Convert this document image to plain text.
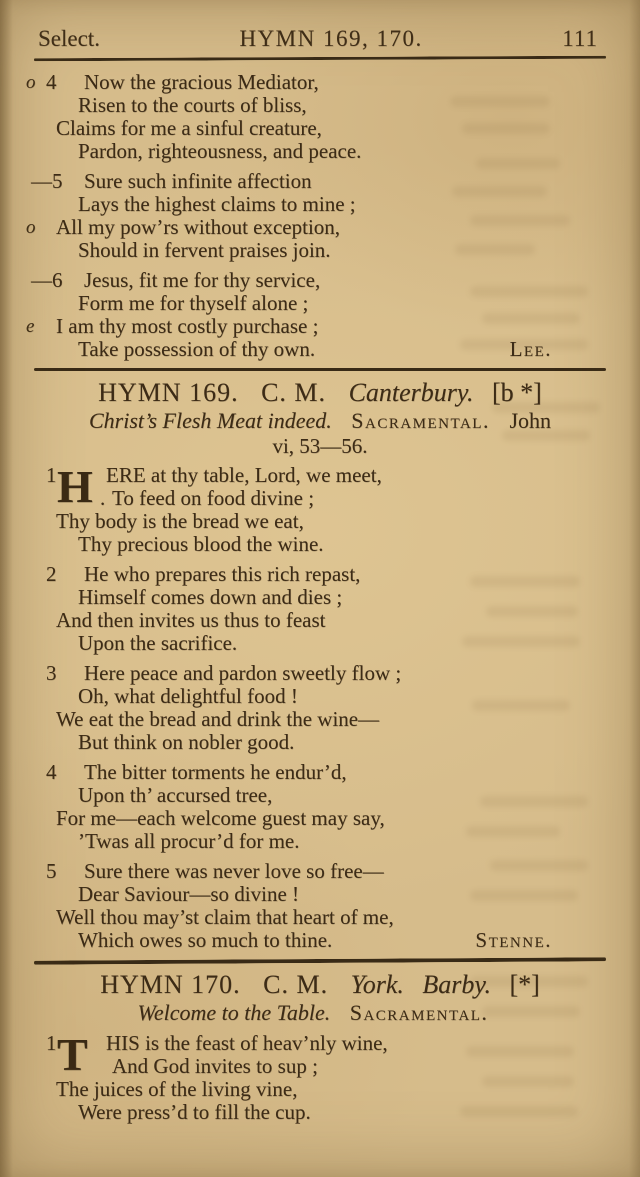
Select.	HYMN 169, 170.	111
o 4 Now the gracious Mediator,
Risen to the courts of bliss,
Claims for me a sinful creature,
Pardon, righteousness, and peace.
—5 Sure such infinite affection
Lays the highest claims to mine ;
o All my pow’rs without exception,
Should in fervent praises join.
—6 Jesus, fit me for thy service,
Form me for thyself alone ;
e I am thy most costly purchase ;
Take possession of thy own.	Lee.
HYMN 169. C. M. Canterbury. [b *]
Christ’s Flesh Meat indeed. Sacramental. John
vi, 53—56.
1 H .
ERE at thy table, Lord, we meet,
To feed on food divine ;
Thy body is the bread we eat,
Thy precious blood the wine.
2 He who prepares this rich repast,
Himself comes down and dies ;
And then invites us thus to feast
Upon the sacrifice.
3 Here peace and pardon sweetly flow ;
Oh, what delightful food !
We eat the bread and drink the wine—
But think on nobler good.
4 The bitter torments he endur’d,
Upon th’ accursed tree,
For me—each welcome guest may say,
’Twas all procur’d for me.
5 Sure there was never love so free—
Dear Saviour—so divine !
Well thou may’st claim that heart of me,
Which owes so much to thine.	Stenne.
HYMN 170. C. M. York. Barby. [*]
Welcome to the Table. Sacramental.
1 T HIS is the feast of heav’nly wine,
And God invites to sup ;
The juices of the living vine,
Were press’d to fill the cup.
